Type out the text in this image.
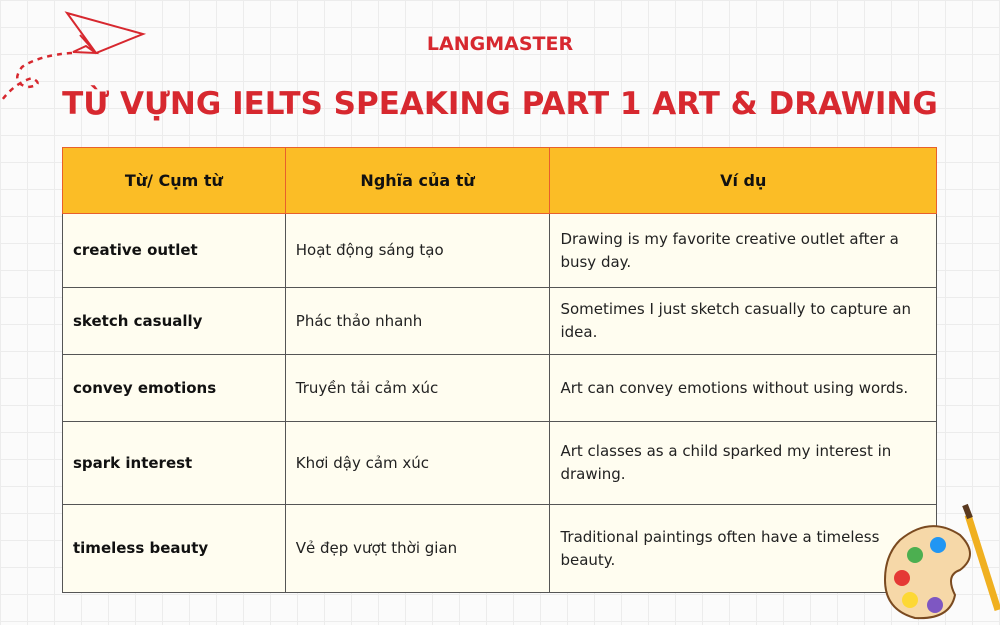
LANGMASTER
TỪ VỰNG IELTS SPEAKING PART 1 ART & DRAWING
Từ/ Cụm từ	Nghĩa của từ	Ví dụ
creative outlet	Hoạt động sáng tạo	Drawing is my favorite creative outlet after a busy day.
sketch casually	Phác thảo nhanh	Sometimes I just sketch casually to capture an idea.
convey emotions	Truyền tải cảm xúc	Art can convey emotions without using words.
spark interest	Khơi dậy cảm xúc	Art classes as a child sparked my interest in drawing.
timeless beauty	Vẻ đẹp vượt thời gian	Traditional paintings often have a timeless beauty.
